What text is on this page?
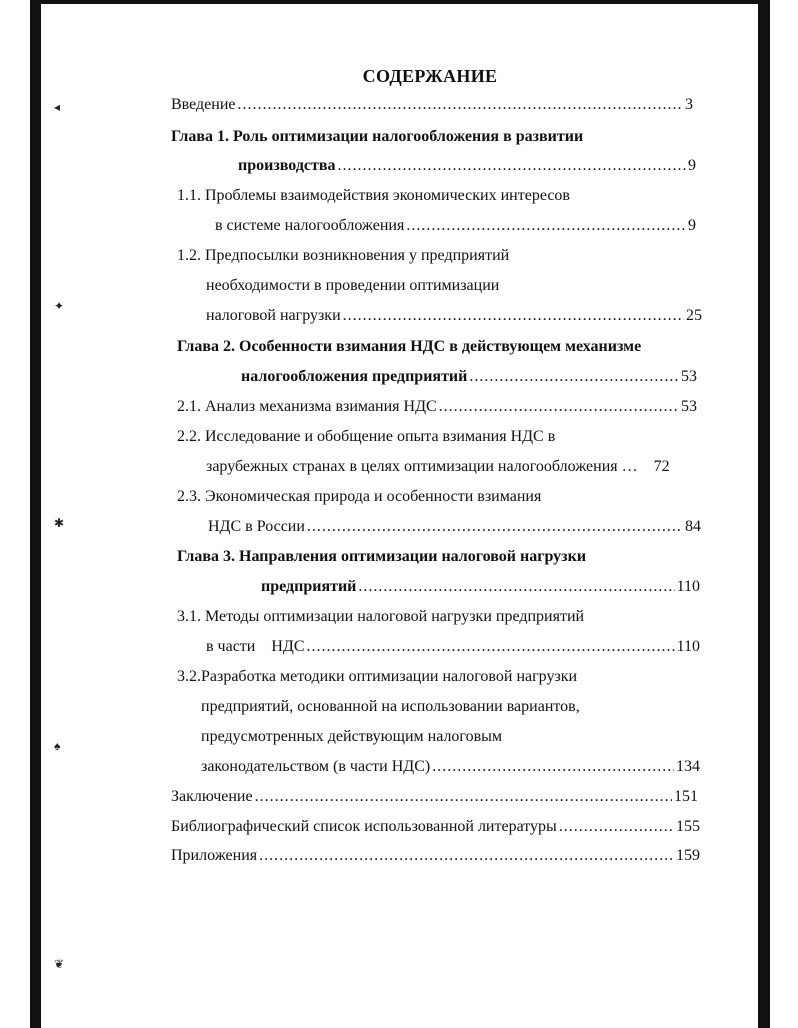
◂
✦
✱
♠
❦
СОДЕРЖАНИЕ
Введение .....	3
Глава 1. Роль оптимизации налогообложения в развитии
производства .....	9
1.1. Проблемы взаимодействия экономических интересов
в системе налогообложения .....	9
1.2. Предпосылки возникновения у предприятий
необходимости в проведении оптимизации
налоговой нагрузки .....	25
Глава 2. Особенности взимания НДС в действующем механизме
налогообложения предприятий .....	53
2.1. Анализ механизма взимания НДС .....	53
2.2. Исследование и обобщение опыта взимания НДС в
зарубежных странах в целях оптимизации налогообложения … 72
2.3. Экономическая природа и особенности взимания
НДС в России .....	84
Глава 3. Направления оптимизации налоговой нагрузки
предприятий .....	110
3.1. Методы оптимизации налоговой нагрузки предприятий
в части    НДС .....	110
3.2.Разработка методики оптимизации налоговой нагрузки
предприятий, основанной на использовании вариантов,
предусмотренных действующим налоговым
законодательством (в части НДС) .....	134
Заключение .....	151
Библиографический список использованной литературы .....	155
Приложения .....	159
